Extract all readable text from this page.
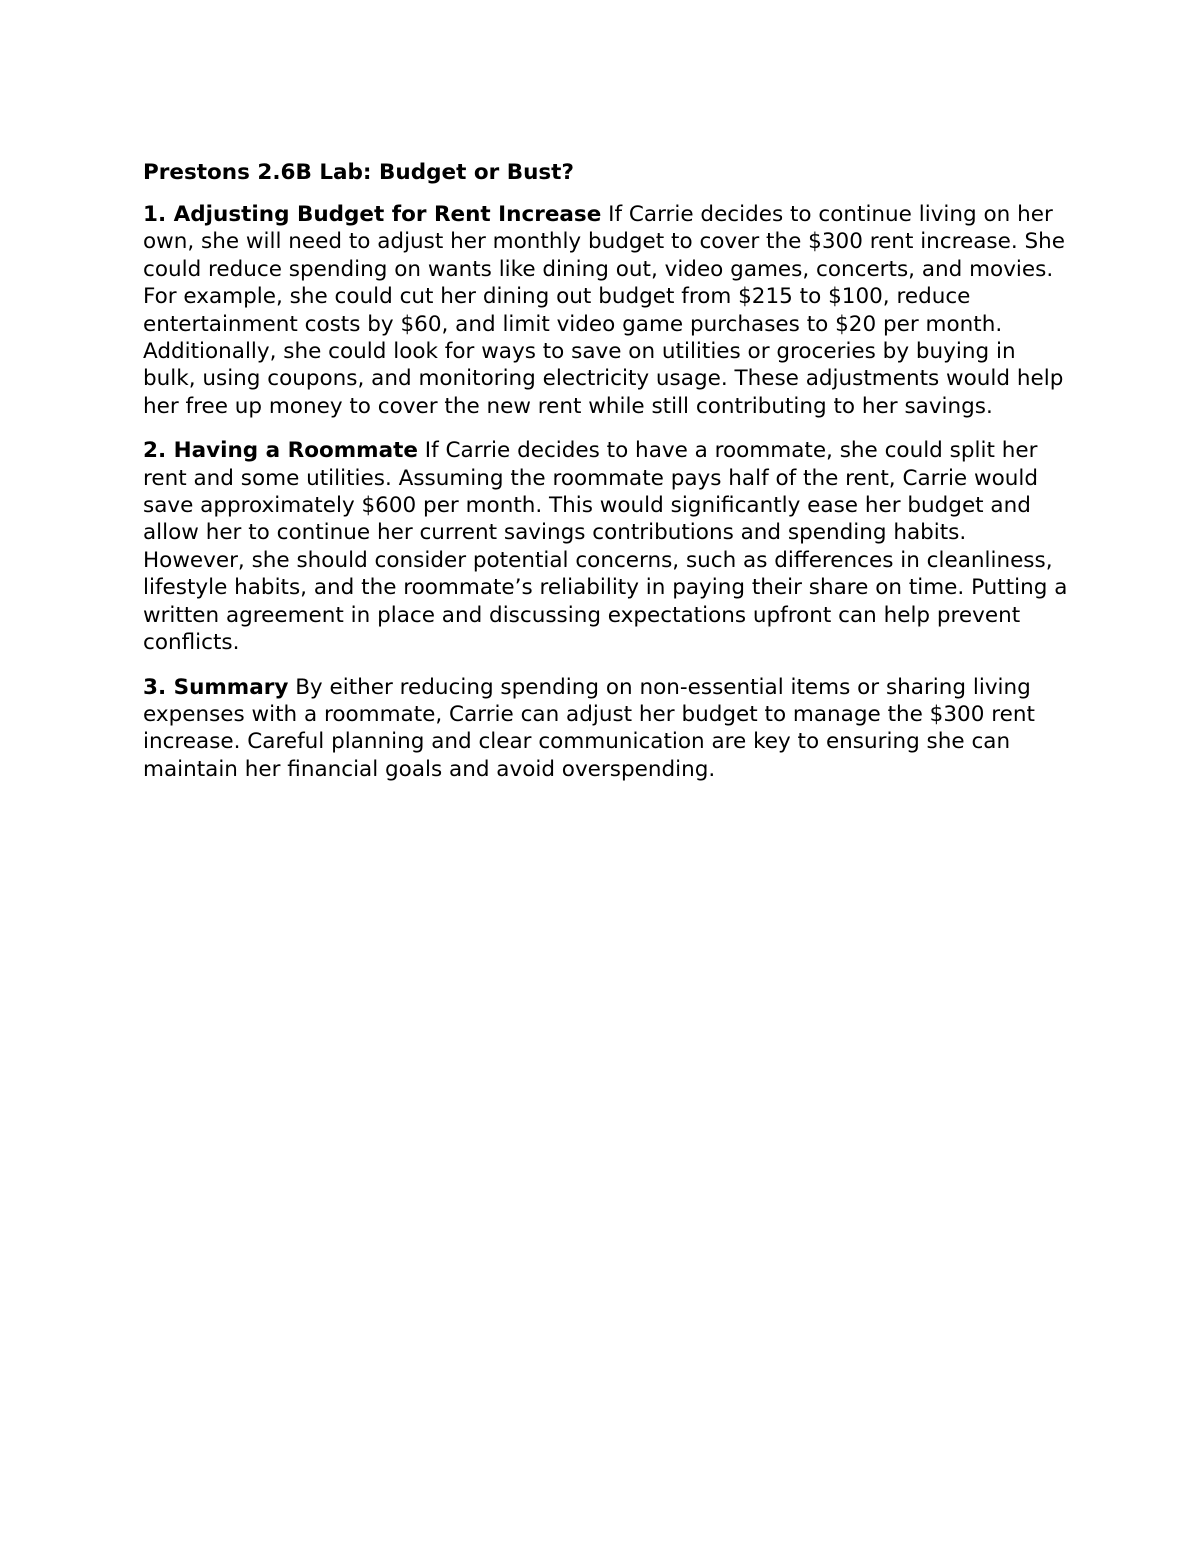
Prestons 2.6B Lab: Budget or Bust?

1. Adjusting Budget for Rent Increase If Carrie decides to continue living on her own, she will need to adjust her monthly budget to cover the $300 rent increase. She could reduce spending on wants like dining out, video games, concerts, and movies. For example, she could cut her dining out budget from $215 to $100, reduce entertainment costs by $60, and limit video game purchases to $20 per month. Additionally, she could look for ways to save on utilities or groceries by buying in bulk, using coupons, and monitoring electricity usage. These adjustments would help her free up money to cover the new rent while still contributing to her savings.

2. Having a Roommate If Carrie decides to have a roommate, she could split her rent and some utilities. Assuming the roommate pays half of the rent, Carrie would save approximately $600 per month. This would significantly ease her budget and allow her to continue her current savings contributions and spending habits. However, she should consider potential concerns, such as differences in cleanliness, lifestyle habits, and the roommate’s reliability in paying their share on time. Putting a written agreement in place and discussing expectations upfront can help prevent conflicts.

3. Summary By either reducing spending on non-essential items or sharing living expenses with a roommate, Carrie can adjust her budget to manage the $300 rent increase. Careful planning and clear communication are key to ensuring she can maintain her financial goals and avoid overspending.
